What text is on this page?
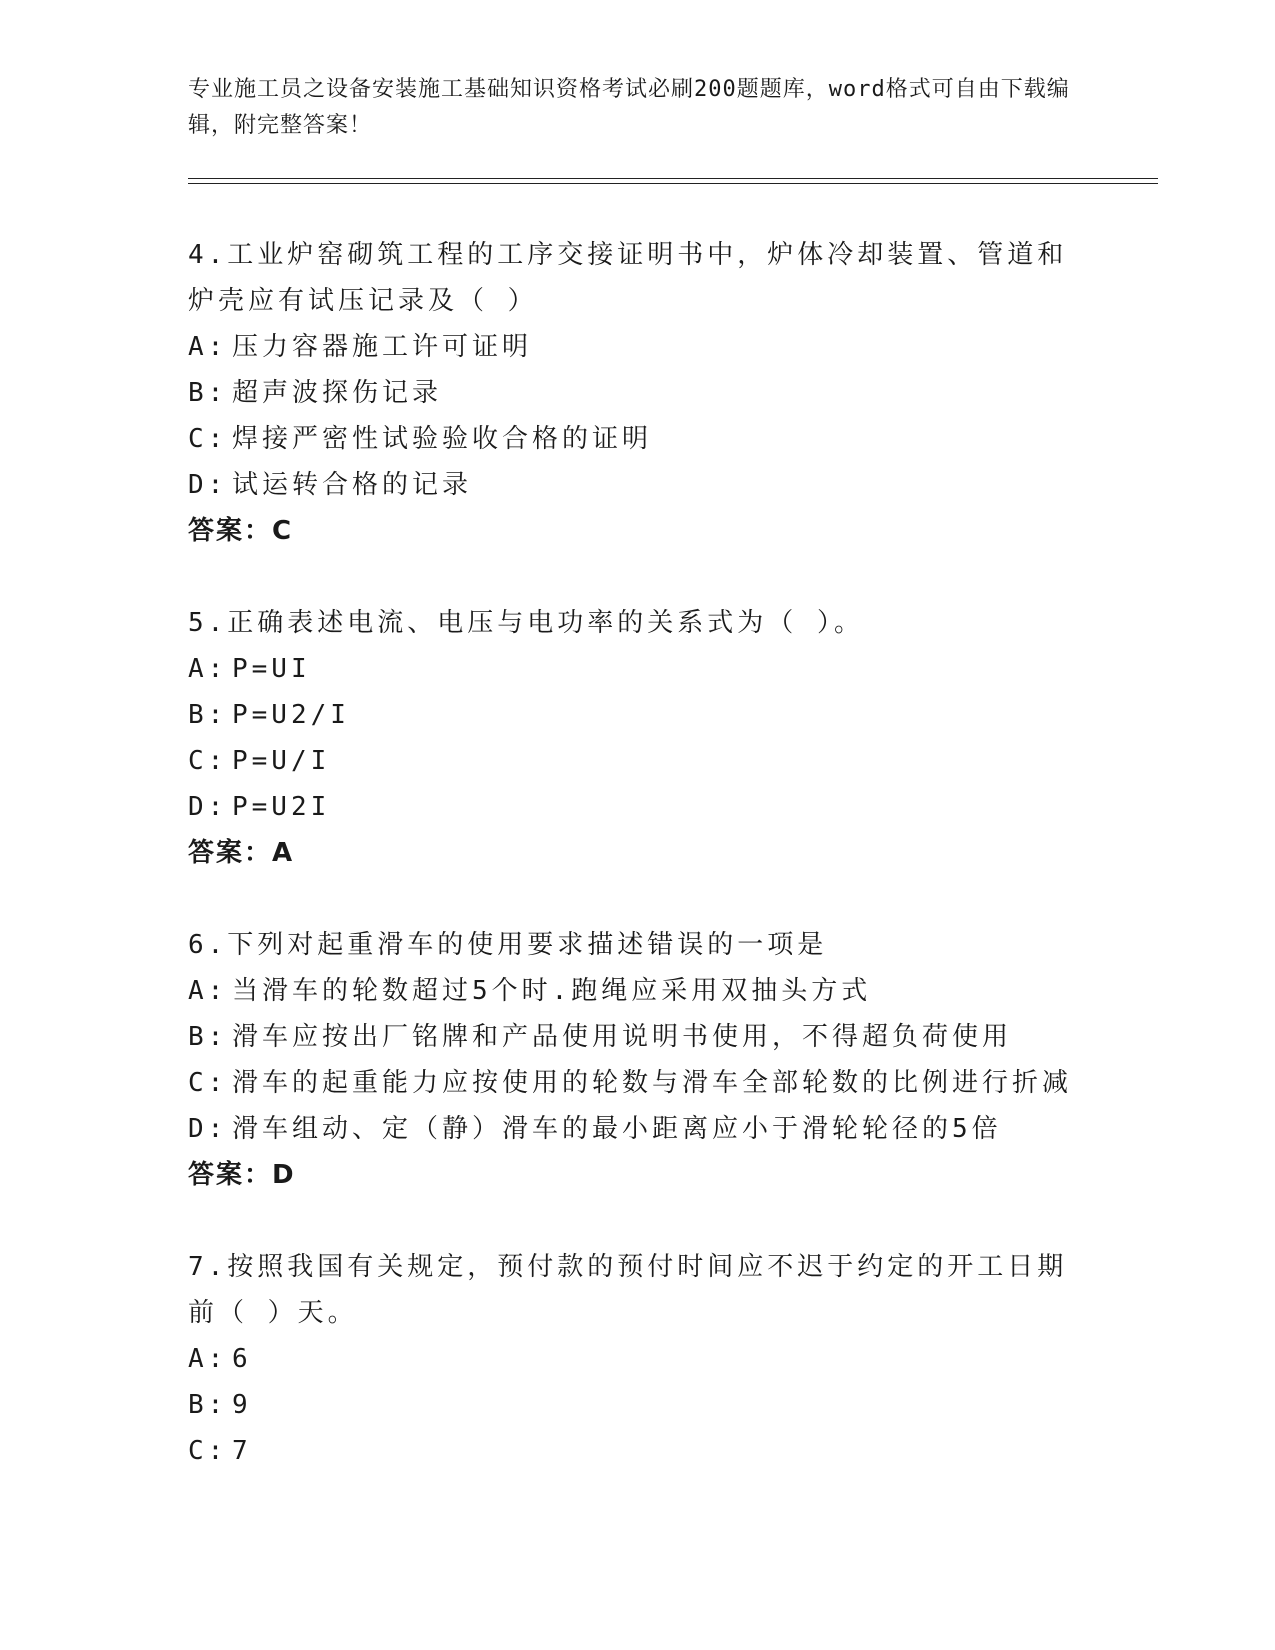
专业施工员之设备安装施工基础知识资格考试必刷200题题库，word格式可自由下载编辑，附完整答案！

4.工业炉窑砌筑工程的工序交接证明书中，炉体冷却装置、管道和炉壳应有试压记录及（ ）

A: 压力容器施工许可证明

B: 超声波探伤记录

C: 焊接严密性试验验收合格的证明

D: 试运转合格的记录

答案：C

5.正确表述电流、电压与电功率的关系式为（ ）。

A: P=UI

B: P=U2/I

C: P=U/I

D: P=U2I

答案：A

6.下列对起重滑车的使用要求描述错误的一项是

A: 当滑车的轮数超过5个时.跑绳应采用双抽头方式

B: 滑车应按出厂铭牌和产品使用说明书使用，不得超负荷使用

C: 滑车的起重能力应按使用的轮数与滑车全部轮数的比例进行折减

D: 滑车组动、定（静）滑车的最小距离应小于滑轮轮径的5倍

答案：D

7.按照我国有关规定，预付款的预付时间应不迟于约定的开工日期前（ ）天。

A: 6

B: 9

C: 7
